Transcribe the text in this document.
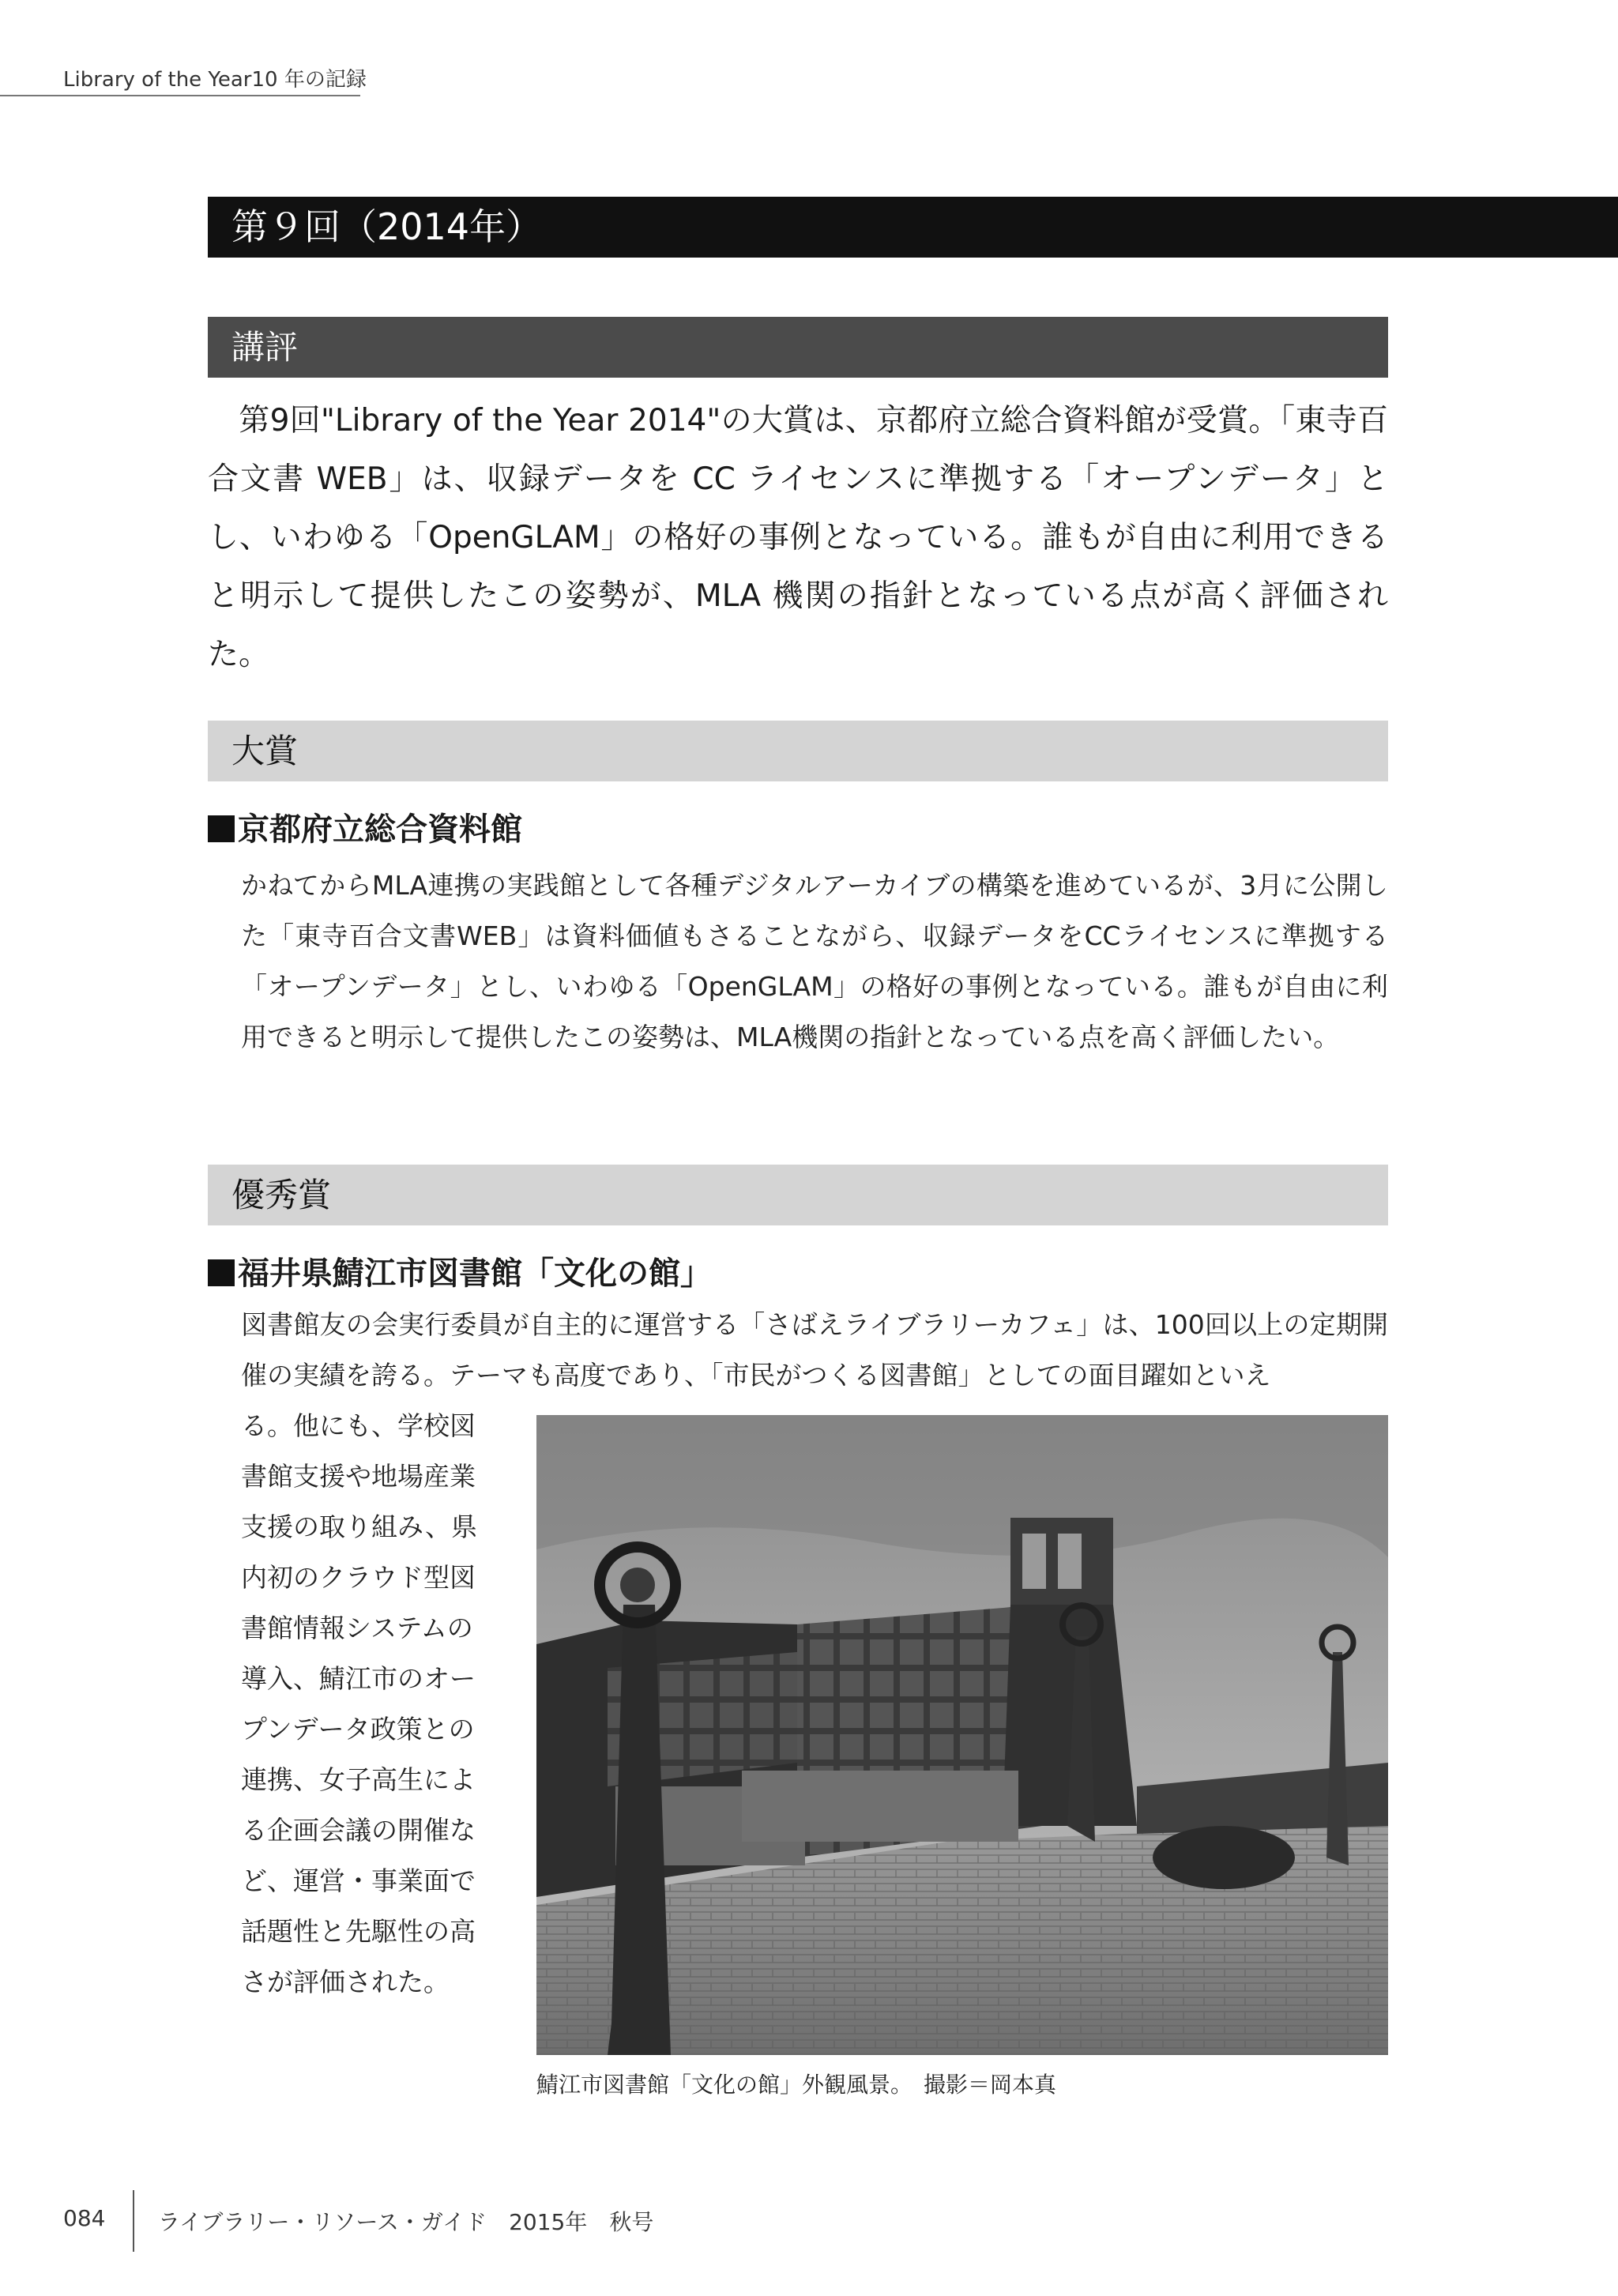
Library of the Year10 年の記録
第９回（2014年）
講評

第9回"Library of the Year 2014"の大賞は、京都府立総合資料館が受賞。「東寺百合文書 WEB」は、収録データを CC ライセンスに準拠する「オープンデータ」とし、いわゆる「OpenGLAM」の格好の事例となっている。誰もが自由に利用できると明示して提供したこの姿勢が、MLA 機関の指針となっている点が高く評価された。

大賞
京都府立総合資料館

かねてからMLA連携の実践館として各種デジタルアーカイブの構築を進めているが、3月に公開した「東寺百合文書WEB」は資料価値もさることながら、収録データをCCライセンスに準拠する「オープンデータ」とし、いわゆる「OpenGLAM」の格好の事例となっている。誰もが自由に利用できると明示して提供したこの姿勢は、MLA機関の指針となっている点を高く評価したい。

優秀賞
福井県鯖江市図書館「文化の館」

図書館友の会実行委員が自主的に運営する「さばえライブラリーカフェ」は、100回以上の定期開催の実績を誇る。テーマも高度であり、「市民がつくる図書館」としての面目躍如といえ

る。他にも、学校図
書館支援や地場産業
支援の取り組み、県
内初のクラウド型図
書館情報システムの
導入、鯖江市のオー
プンデータ政策との
連携、女子高生によ
る企画会議の開催な
ど、運営・事業面で
話題性と先駆性の高
さが評価された。
鯖江市図書館「文化の館」外観風景。　撮影＝岡本真
084 ライブラリー・リソース・ガイド　2015年　秋号
